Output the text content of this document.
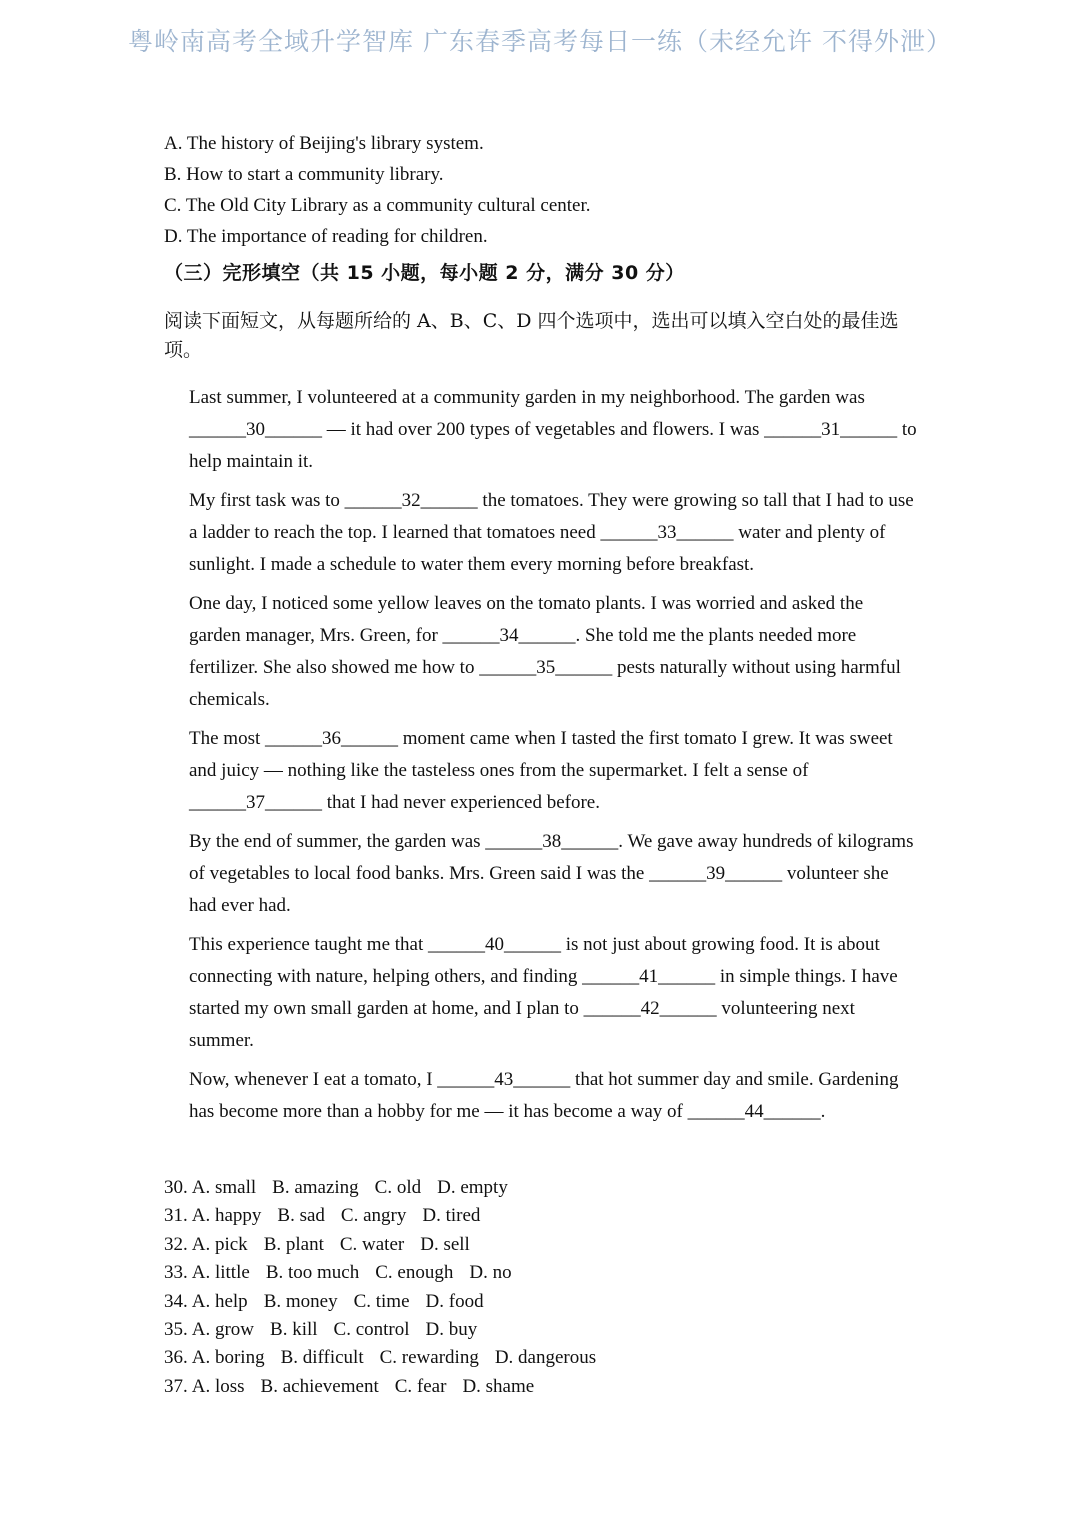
粤岭南高考全域升学智库 广东春季高考每日一练（未经允许 不得外泄）
A. The history of Beijing's library system.
B. How to start a community library.
C. The Old City Library as a community cultural center.
D. The importance of reading for children.
（三）完形填空（共 15 小题，每小题 2 分，满分 30 分）
阅读下面短文，从每题所给的 A、B、C、D 四个选项中，选出可以填入空白处的最佳选项。

Last summer, I volunteered at a community garden in my neighborhood. The garden was ______30______ — it had over 200 types of vegetables and flowers. I was ______31______ to help maintain it.

My first task was to ______32______ the tomatoes. They were growing so tall that I had to use a ladder to reach the top. I learned that tomatoes need ______33______ water and plenty of sunlight. I made a schedule to water them every morning before breakfast.

One day, I noticed some yellow leaves on the tomato plants. I was worried and asked the garden manager, Mrs. Green, for ______34______. She told me the plants needed more fertilizer. She also showed me how to ______35______ pests naturally without using harmful chemicals.

The most ______36______ moment came when I tasted the first tomato I grew. It was sweet and juicy — nothing like the tasteless ones from the supermarket. I felt a sense of ______37______ that I had never experienced before.

By the end of summer, the garden was ______38______. We gave away hundreds of kilograms of vegetables to local food banks. Mrs. Green said I was the ______39______ volunteer she had ever had.

This experience taught me that ______40______ is not just about growing food. It is about connecting with nature, helping others, and finding ______41______ in simple things. I have started my own small garden at home, and I plan to ______42______ volunteering next summer.

Now, whenever I eat a tomato, I ______43______ that hot summer day and smile. Gardening has become more than a hobby for me — it has become a way of ______44______.

30. A. small B. amazing C. old D. empty
31. A. happy B. sad C. angry D. tired
32. A. pick B. plant C. water D. sell
33. A. little B. too much C. enough D. no
34. A. help B. money C. time D. food
35. A. grow B. kill C. control D. buy
36. A. boring B. difficult C. rewarding D. dangerous
37. A. loss B. achievement C. fear D. shame
